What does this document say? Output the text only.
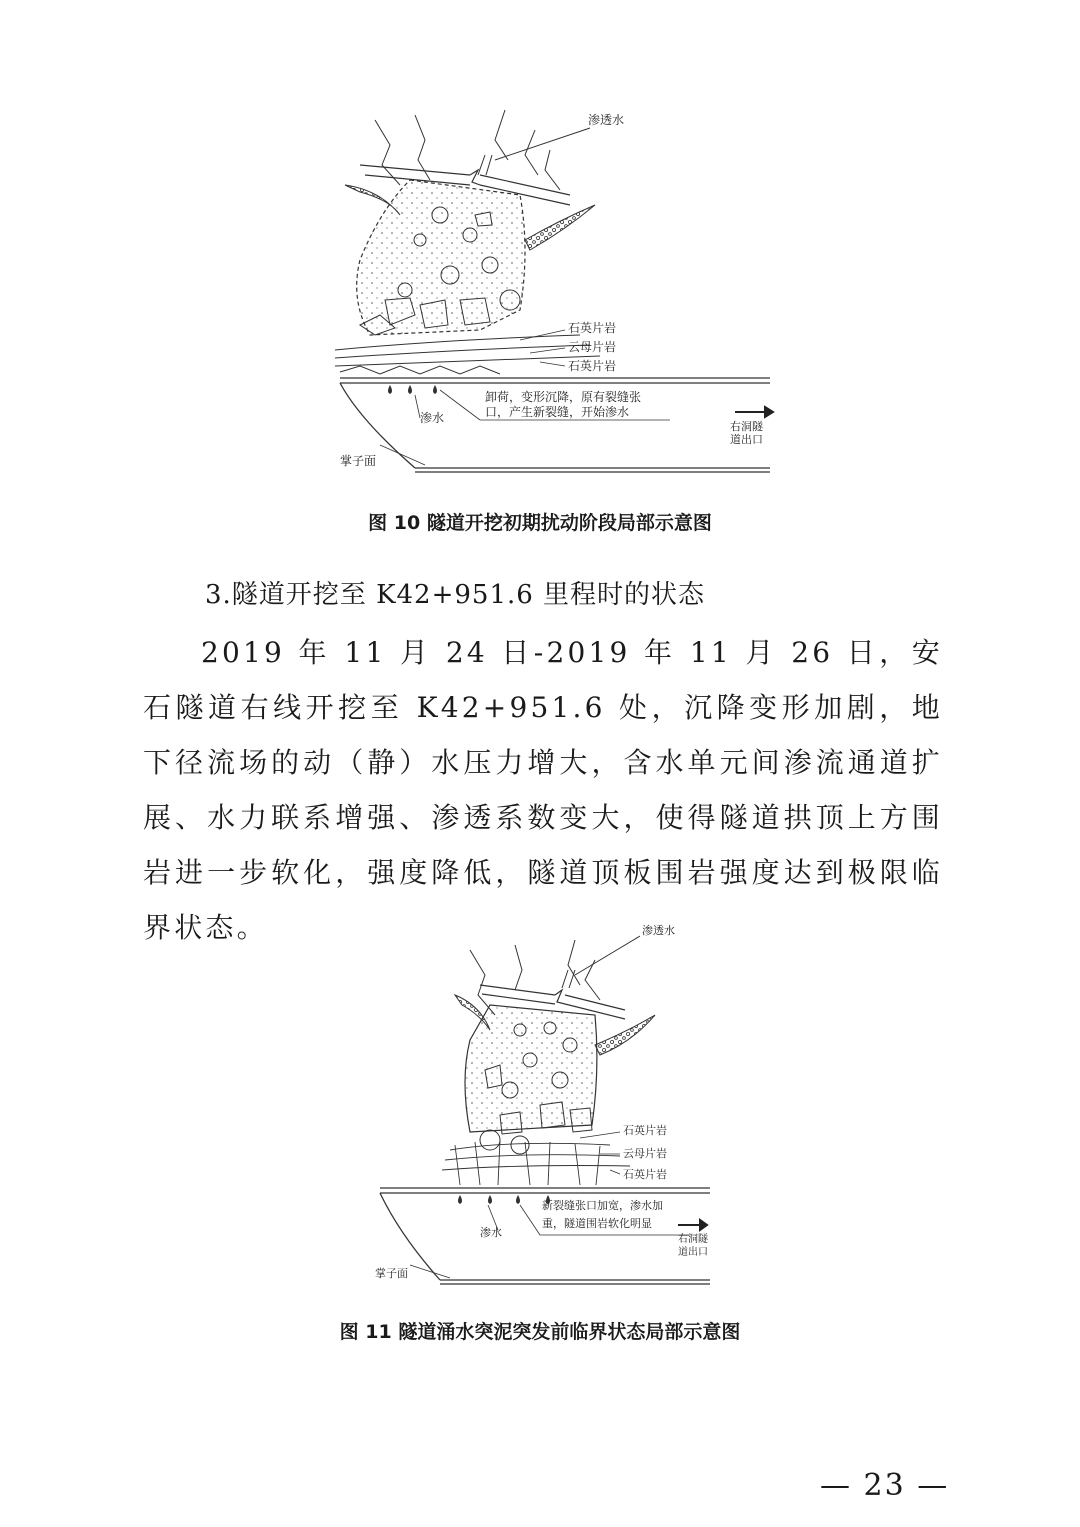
渗透水
石英片岩
云母片岩
石英片岩
卸荷，变形沉降，原有裂缝张
口，产生新裂缝，开始渗水
渗水
右洞隧
道出口
掌子面
图 10 隧道开挖初期扰动阶段局部示意图
3.隧道开挖至 K42+951.6 里程时的状态

2019 年 11 月 24 日-2019 年 11 月 26 日，安石隧道右线开挖至 K42+951.6 处，沉降变形加剧，地下径流场的动（静）水压力增大，含水单元间渗流通道扩展、水力联系增强、渗透系数变大，使得隧道拱顶上方围岩进一步软化，强度降低，隧道顶板围岩强度达到极限临界状态。	渗透水
石英片岩
云母片岩
石英片岩
新裂缝张口加宽，渗水加
重，隧道围岩软化明显
渗水
右洞隧
道出口
掌子面
图 11 隧道涌水突泥突发前临界状态局部示意图
— 23 —
